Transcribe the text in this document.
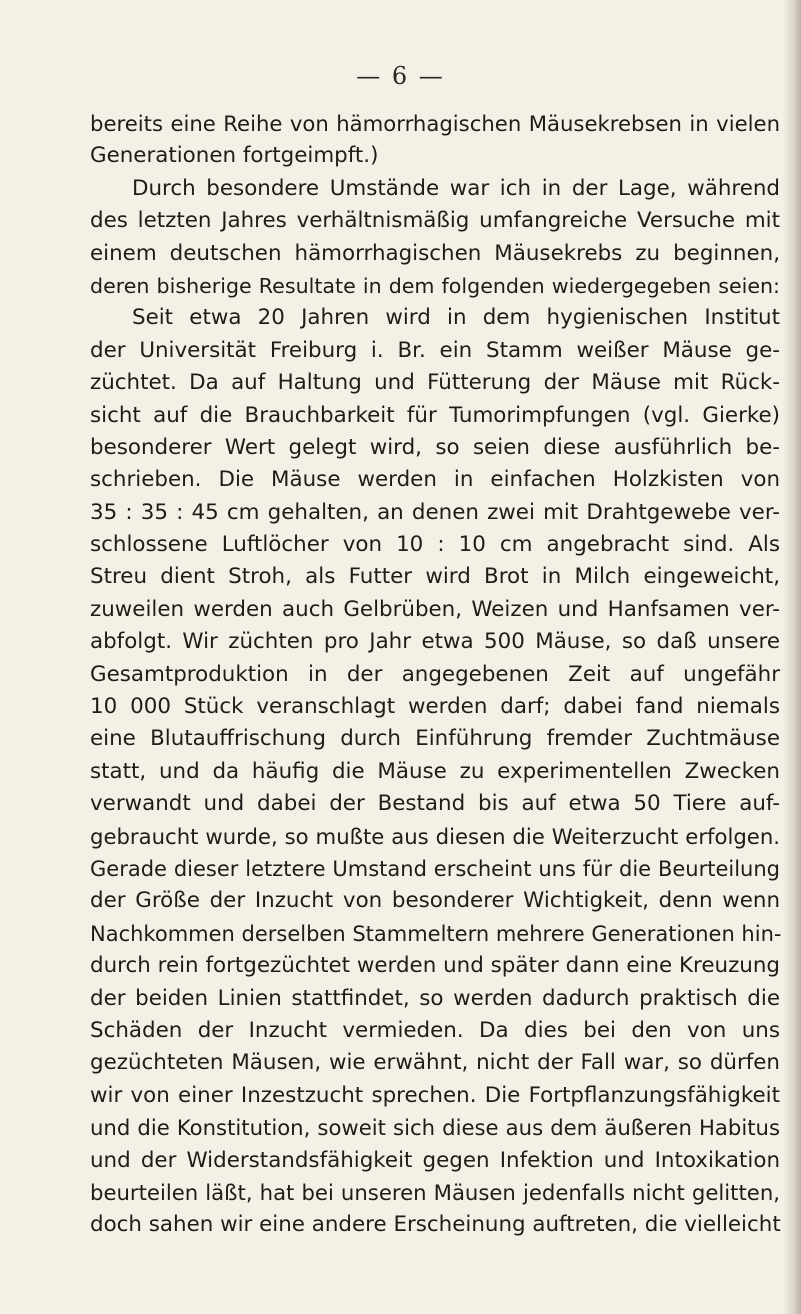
— 6 —
bereits eine Reihe von hämorrhagischen Mäusekrebsen in vielen
Generationen fortgeimpft.)
Durch besondere Umstände war ich in der Lage, während
des letzten Jahres verhältnismäßig umfangreiche Versuche mit
einem deutschen hämorrhagischen Mäusekrebs zu beginnen,
deren bisherige Resultate in dem folgenden wiedergegeben seien:
Seit etwa 20 Jahren wird in dem hygienischen Institut
der Universität Freiburg i. Br. ein Stamm weißer Mäuse ge-
züchtet. Da auf Haltung und Fütterung der Mäuse mit Rück-
sicht auf die Brauchbarkeit für Tumorimpfungen (vgl. Gierke)
besonderer Wert gelegt wird, so seien diese ausführlich be-
schrieben. Die Mäuse werden in einfachen Holzkisten von
35 : 35 : 45 cm gehalten, an denen zwei mit Drahtgewebe ver-
schlossene Luftlöcher von 10 : 10 cm angebracht sind. Als
Streu dient Stroh, als Futter wird Brot in Milch eingeweicht,
zuweilen werden auch Gelbrüben, Weizen und Hanfsamen ver-
abfolgt. Wir züchten pro Jahr etwa 500 Mäuse, so daß unsere
Gesamtproduktion in der angegebenen Zeit auf ungefähr
10 000 Stück veranschlagt werden darf; dabei fand niemals
eine Blutauffrischung durch Einführung fremder Zuchtmäuse
statt, und da häufig die Mäuse zu experimentellen Zwecken
verwandt und dabei der Bestand bis auf etwa 50 Tiere auf-
gebraucht wurde, so mußte aus diesen die Weiterzucht erfolgen.
Gerade dieser letztere Umstand erscheint uns für die Beurteilung
der Größe der Inzucht von besonderer Wichtigkeit, denn wenn
Nachkommen derselben Stammeltern mehrere Generationen hin-
durch rein fortgezüchtet werden und später dann eine Kreuzung
der beiden Linien stattfindet, so werden dadurch praktisch die
Schäden der Inzucht vermieden. Da dies bei den von uns
gezüchteten Mäusen, wie erwähnt, nicht der Fall war, so dürfen
wir von einer Inzestzucht sprechen. Die Fortpflanzungsfähigkeit
und die Konstitution, soweit sich diese aus dem äußeren Habitus
und der Widerstandsfähigkeit gegen Infektion und Intoxikation
beurteilen läßt, hat bei unseren Mäusen jedenfalls nicht gelitten,
doch sahen wir eine andere Erscheinung auftreten, die vielleicht
